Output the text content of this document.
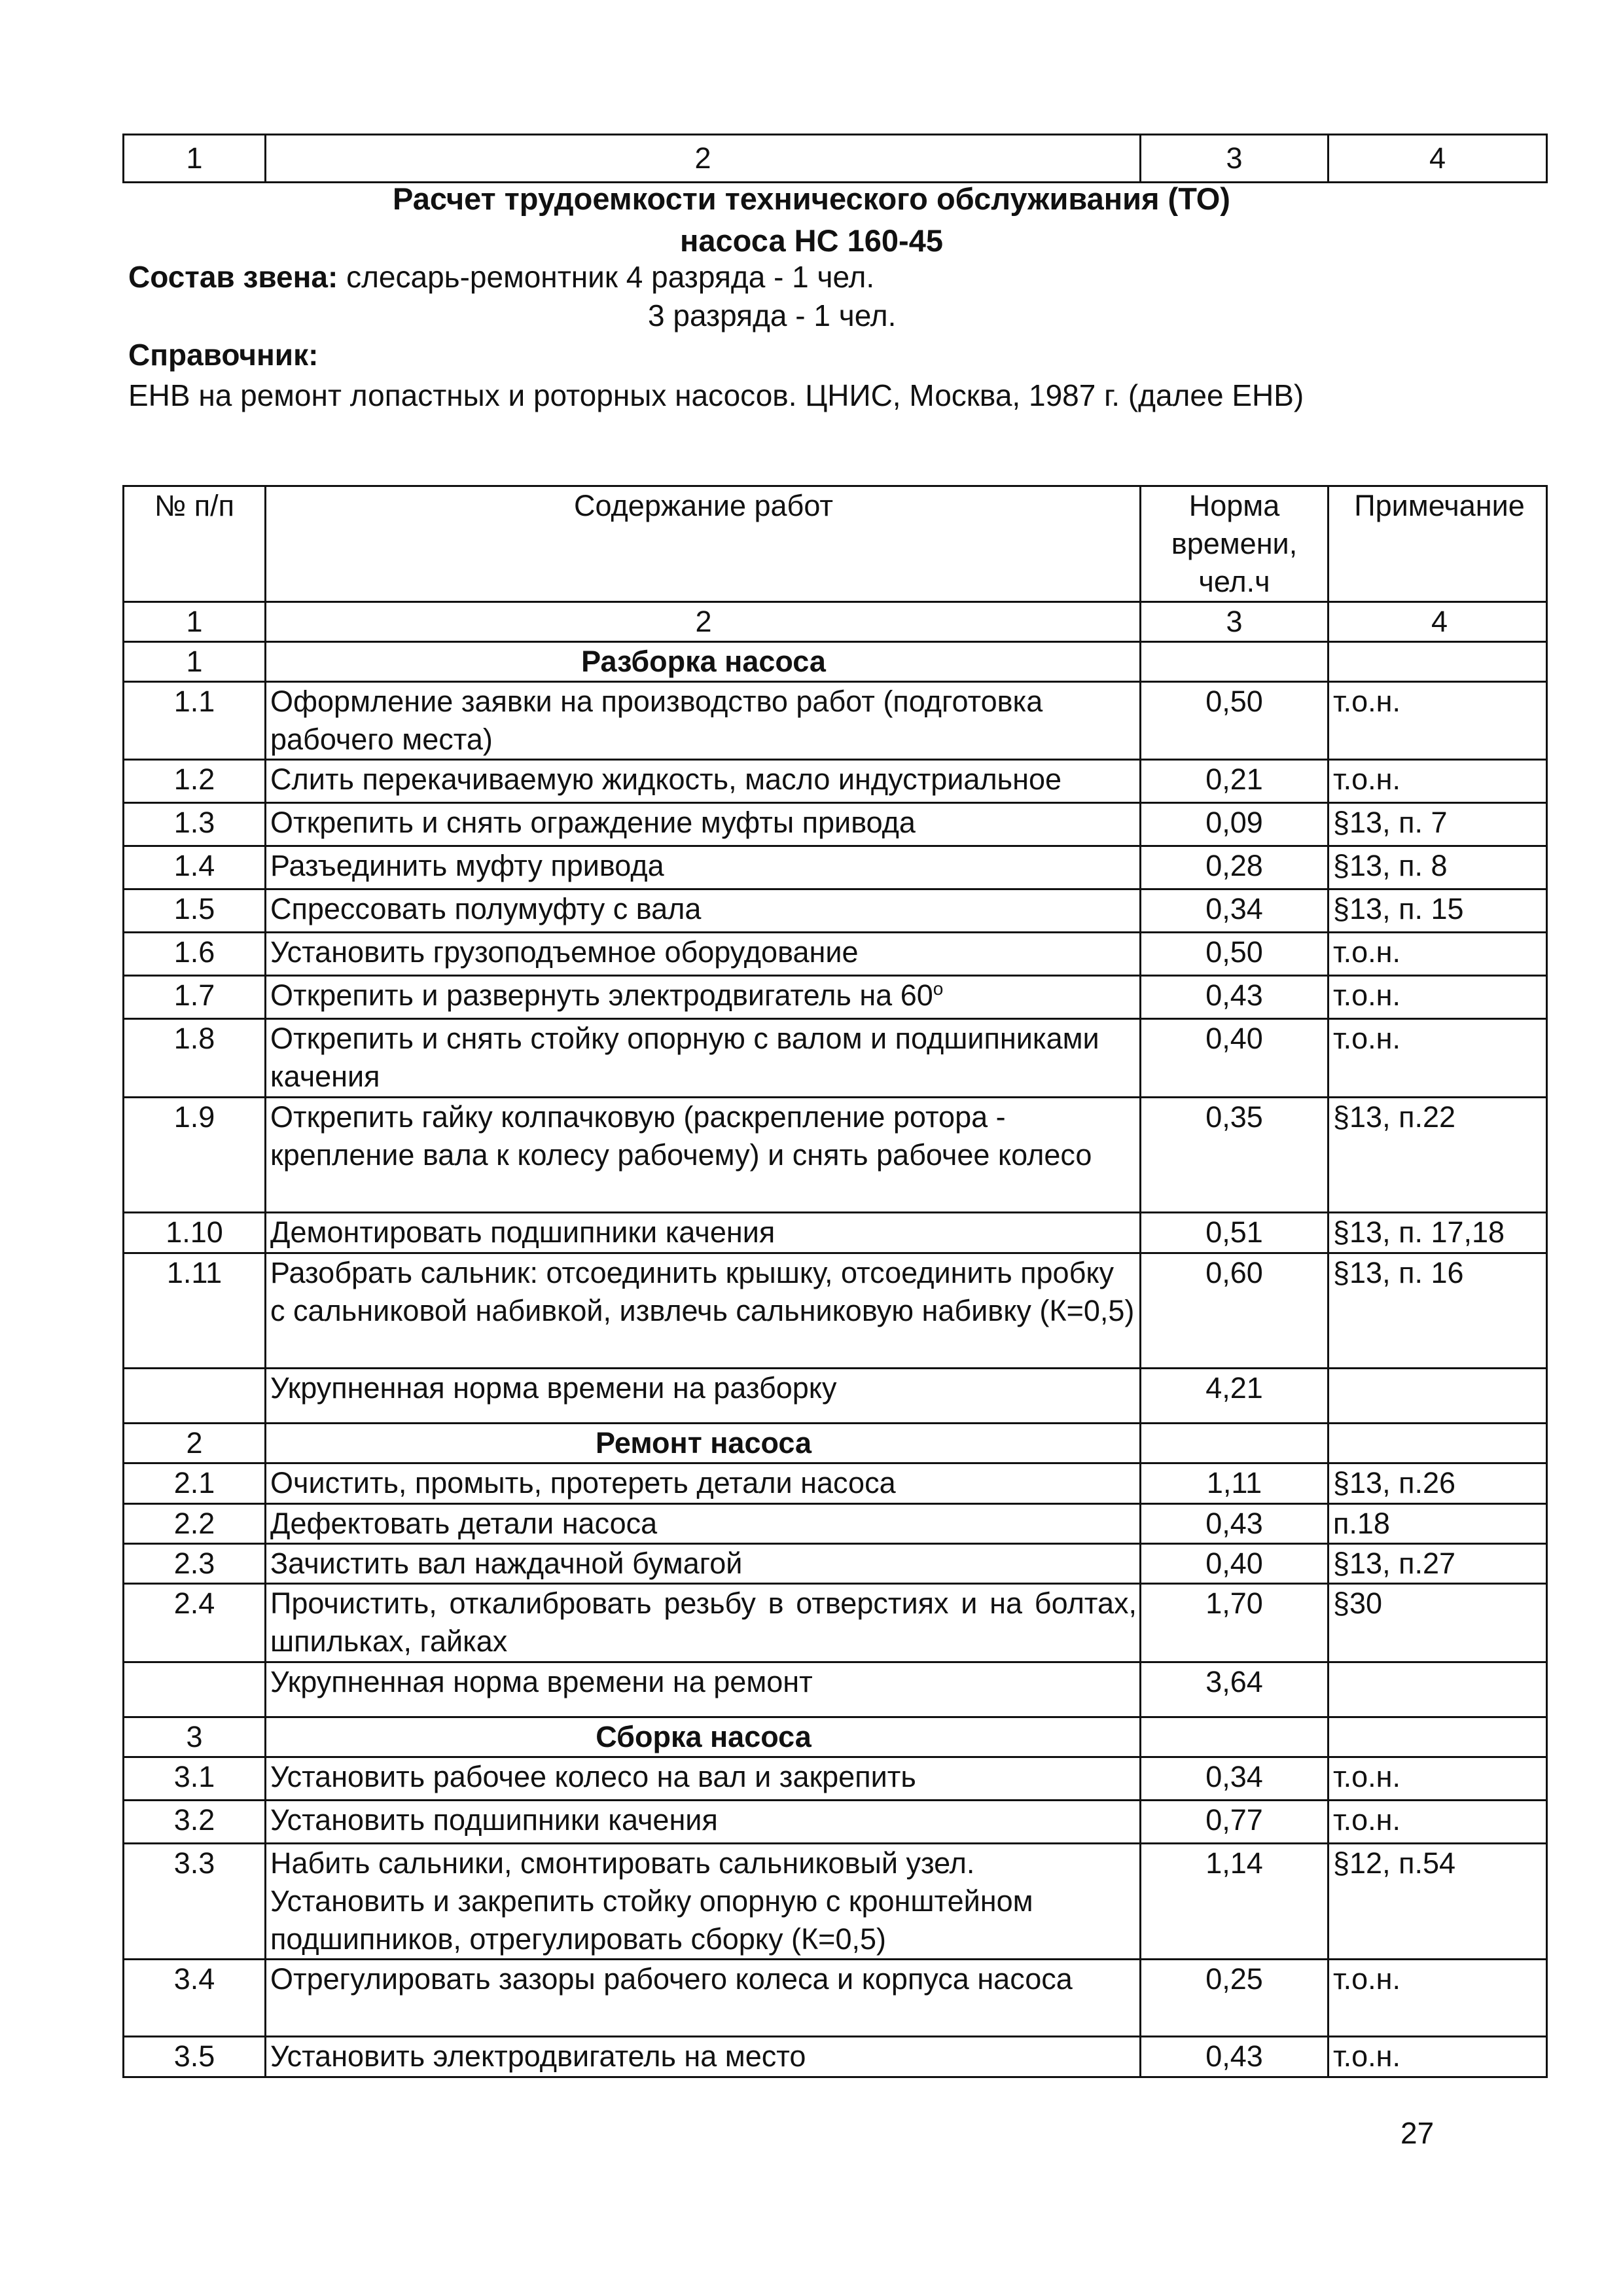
1	2	3	4
Расчет трудоемкости технического обслуживания (ТО)
насоса НС 160-45
Состав звена: слесарь-ремонтник 4 разряда - 1 чел.
3 разряда - 1 чел.
Справочник:
ЕНВ на ремонт лопастных и роторных насосов. ЦНИС, Москва, 1987 г. (далее ЕНВ)
№ п/п	Содержание работ	Норма времени, чел.ч	Примечание
1	2	3	4
1	Разборка насоса		
1.1	Оформление заявки на производство работ (подготовка рабочего места)	0,50	т.о.н.
1.2	Слить перекачиваемую жидкость, масло индустриальное	0,21	т.о.н.
1.3	Открепить и снять ограждение муфты привода	0,09	§13, п. 7
1.4	Разъединить муфту привода	0,28	§13, п. 8
1.5	Спрессовать полумуфту с вала	0,34	§13, п. 15
1.6	Установить грузоподъемное оборудование	0,50	т.о.н.
1.7	Открепить и развернуть электродвигатель на 60$^o$	0,43	т.о.н.
1.8	Открепить и снять стойку опорную с валом и подшипниками качения	0,40	т.о.н.
1.9	Открепить гайку колпачковую (раскрепление ротора - крепление вала к колесу рабочему) и снять рабочее колесо	0,35	§13, п.22
1.10	Демонтировать подшипники качения	0,51	§13, п. 17,18
1.11	Разобрать сальник: отсоединить крышку, отсоединить пробку с сальниковой набивкой, извлечь сальниковую набивку (К=0,5)	0,60	§13, п. 16
	Укрупненная норма времени на разборку	4,21	
2	Ремонт насоса		
2.1	Очистить, промыть, протереть детали насоса	1,11	§13, п.26
2.2	Дефектовать детали насоса	0,43	п.18
2.3	Зачистить вал наждачной бумагой	0,40	§13, п.27
2.4	Прочистить, откалибровать резьбу в отверстиях и на болтах, шпильках, гайках	1,70	§30
	Укрупненная норма времени на ремонт	3,64	
3	Сборка насоса		
3.1	Установить рабочее колесо на вал и закрепить	0,34	т.о.н.
3.2	Установить подшипники качения	0,77	т.о.н.
3.3	Набить сальники, смонтировать сальниковый узел. Установить и закрепить стойку опорную с кронштейном подшипников, отрегулировать сборку (К=0,5)	1,14	§12, п.54
3.4	Отрегулировать зазоры рабочего колеса и корпуса насоса	0,25	т.о.н.
3.5	Установить электродвигатель на место	0,43	т.о.н.
27
